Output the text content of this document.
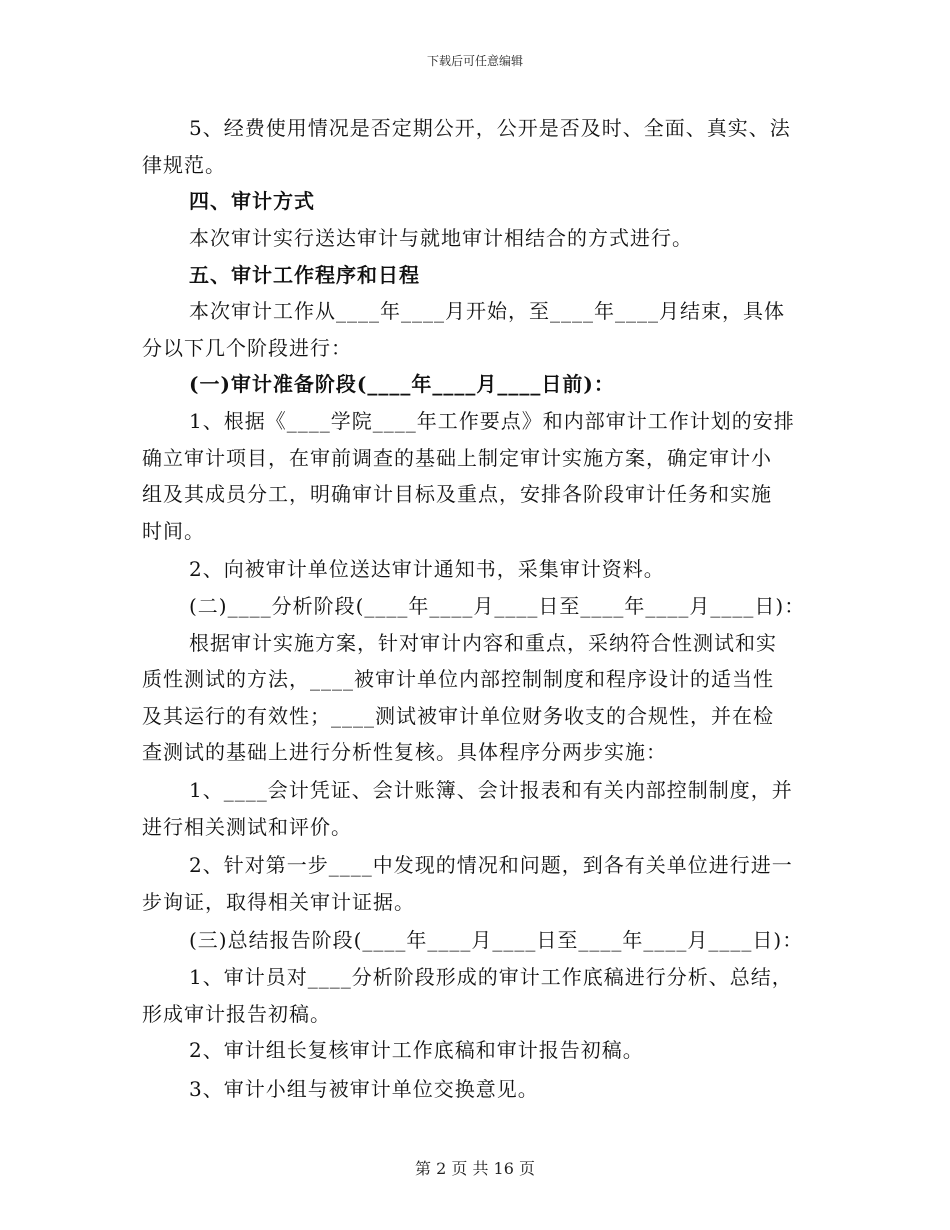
下载后可任意编辑
5、经费使用情况是否定期公开，公开是否及时、全面、真实、法
律规范。
四、审计方式
本次审计实行送达审计与就地审计相结合的方式进行。
五、审计工作程序和日程
本次审计工作从____年____月开始，至____年____月结束，具体
分以下几个阶段进行：
(一)审计准备阶段(____年____月____日前)：
1、根据《____学院____年工作要点》和内部审计工作计划的安排
确立审计项目，在审前调查的基础上制定审计实施方案，确定审计小
组及其成员分工，明确审计目标及重点，安排各阶段审计任务和实施
时间。
2、向被审计单位送达审计通知书，采集审计资料。
(二)____分析阶段(____年____月____日至____年____月____日)：
根据审计实施方案，针对审计内容和重点，采纳符合性测试和实
质性测试的方法，____被审计单位内部控制制度和程序设计的适当性
及其运行的有效性；____测试被审计单位财务收支的合规性，并在检
查测试的基础上进行分析性复核。具体程序分两步实施：
1、____会计凭证、会计账簿、会计报表和有关内部控制制度，并
进行相关测试和评价。
2、针对第一步____中发现的情况和问题，到各有关单位进行进一
步询证，取得相关审计证据。
(三)总结报告阶段(____年____月____日至____年____月____日)：
1、审计员对____分析阶段形成的审计工作底稿进行分析、总结，
形成审计报告初稿。
2、审计组长复核审计工作底稿和审计报告初稿。
3、审计小组与被审计单位交换意见。
第 2 页 共 16 页
